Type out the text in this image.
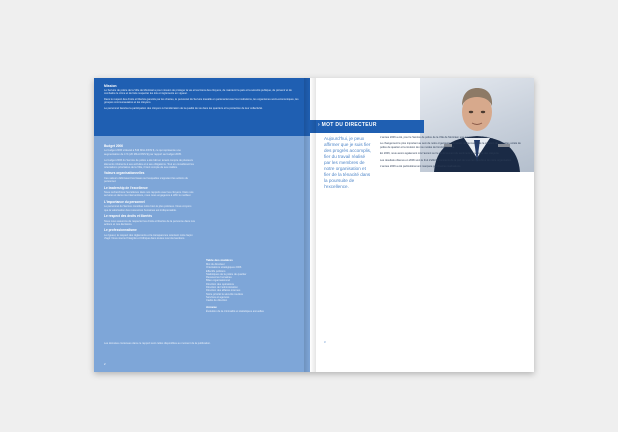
Mission

Le Service de police de la Ville de Montréal a pour mission de protéger la vie et les biens des citoyens, de maintenir la paix et la sécurité publique, de prévenir et de combattre le crime et de faire respecter les lois et règlements en vigueur.

Dans le respect des droits et libertés garantis par les chartes, le personnel du Service travaille en partenariat avec les institutions, les organismes socio-économiques, les groupes communautaires et les citoyens.

Le personnel favorise la participation des citoyens à l'amélioration de la qualité de vie dans les quartiers et la protection de leur collectivité.

Budget 2006

Le budget 2006 s'élevait à 543 MILLIONS $, ce qui représente une augmentation de 4 % (20 MILLIONS $) par rapport au budget 2005.

Le budget 2006 du Service de police a été bâti en tenant compte de plusieurs éléments inhérents à ses activités et à ses obligations. Tout en considérant les orientations prioritaires de la Ville, il tient compte de ses réalités.

Valeurs organisationnelles

Ces valeurs définissent les bases sur lesquelles s'appuient les actions du personnel.

Le leadership de l'excellence

Nous recherchons l'excellence dans nos rapports avec les citoyens. Dans nos services et dans nos interventions, nous nous engageons à offrir le meilleur.

L'importance du personnel

Le personnel du Service constitue notre bien le plus précieux. Nous croyons que la valorisation des ressources humaines est indispensable.

Le respect des droits et libertés

Nous nous assurons de respecter les droits et libertés de la personne dans nos actions et nos décisions.

Le professionnalisme

Le rigueur, le respect des règlements et la transparence orientent notre façon d'agir. Nous visons l'intégrité et l'éthique dans toutes nos interventions.

Table des matières
Mot du directeur
Orientations stratégiques 2006
Effectifs policiers
Statistiques de la police de quartier
Ressources humaines
Bilan organisationnel
Direction des opérations
Direction de l'administration
Direction des affaires internes
Notre priorité la sécurité routière
Services et agences
Cadre de direction
Annexe
Évolution de la criminalité et statistiques annuelles
Les données contenues dans ce rapport sont celles disponibles au moment de la publication.
2
› MOT DU DIRECTEUR
Aujourd'hui, je peux affirmer que je suis fier des progrès accomplis, fier du travail réalisé par les membres de notre organisation et fier de la ténacité dans la poursuite de l'excellence.

L'année 2006 a été, pour le Service de police de la Ville de Montréal, une année de transition.

Le changement le plus important au sein de notre organisation au cours de l'année a été la création de nouvelles unités de police de quartier et la révision de nos modes de fonctionnement.

En 2006, nous avons également mis l'accent sur le renforcement du sentiment de sécurité des citoyens.

Les résultats obtenus en 2006 sont le fruit d'efforts constants de la part de tous les membres de notre organisation.

L'année 2006 a été particulièrement marquée par d'autres réalisations.

3
